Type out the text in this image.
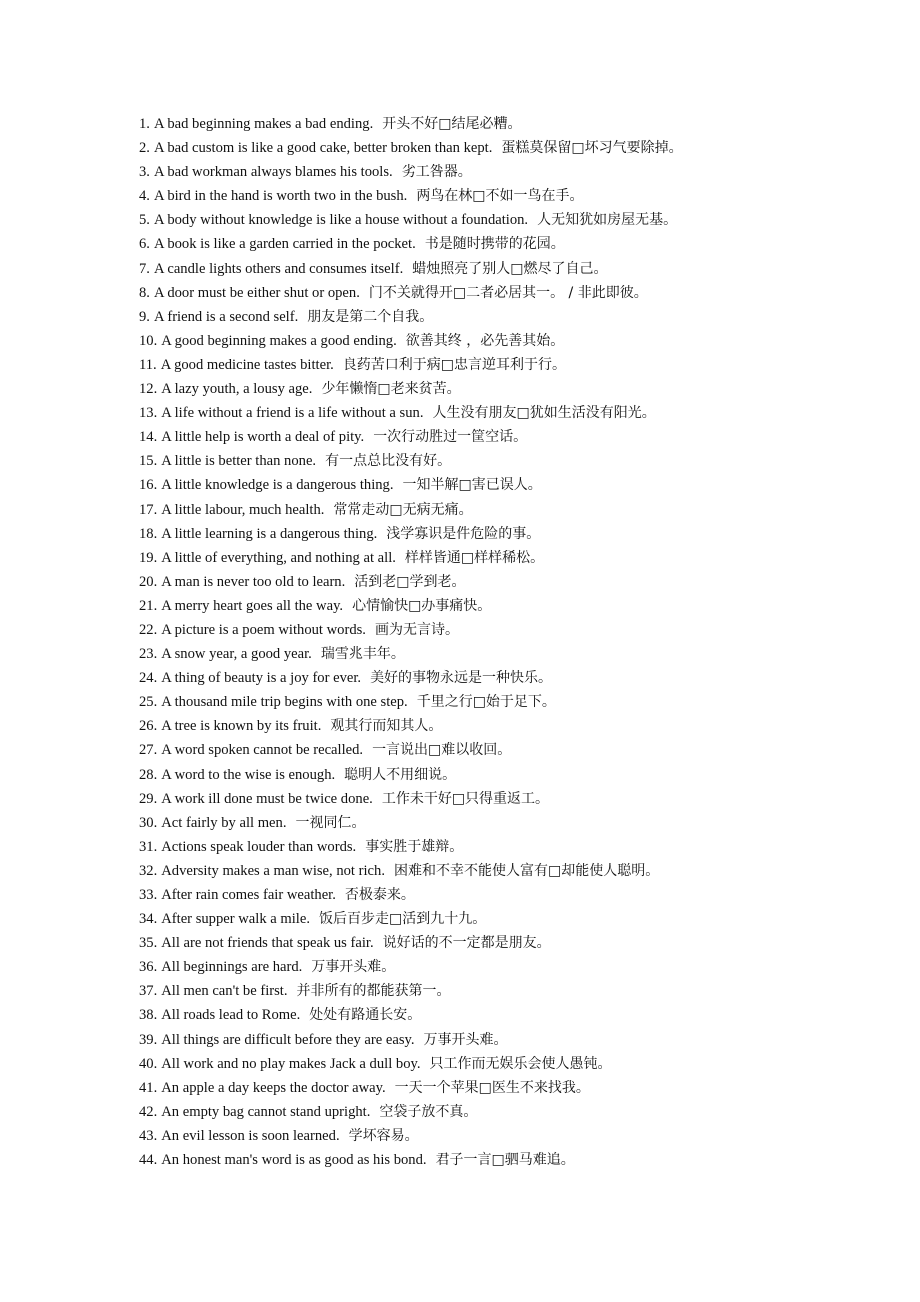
1. A bad beginning makes a bad ending. 开头不好□结尾必糟。
2. A bad custom is like a good cake, better broken than kept. 蛋糕莫保留□坏习气要除掉。
3. A bad workman always blames his tools. 劣工咎器。
4. A bird in the hand is worth two in the bush. 两鸟在林□不如一鸟在手。
5. A body without knowledge is like a house without a foundation. 人无知犹如房屋无基。
6. A book is like a garden carried in the pocket. 书是随时携带的花园。
7. A candle lights others and consumes itself. 蜡烛照亮了别人□燃尽了自己。
8. A door must be either shut or open. 门不关就得开□二者必居其一。 / 非此即彼。
9. A friend is a second self. 朋友是第二个自我。
10. A good beginning makes a good ending. 欲善其终 ，必先善其始。
11. A good medicine tastes bitter. 良药苦口利于病□忠言逆耳利于行。
12. A lazy youth, a lousy age. 少年懒惰□老来贫苦。
13. A life without a friend is a life without a sun. 人生没有朋友□犹如生活没有阳光。
14. A little help is worth a deal of pity. 一次行动胜过一筐空话。
15. A little is better than none. 有一点总比没有好。
16. A little knowledge is a dangerous thing. 一知半解□害已误人。
17. A little labour, much health. 常常走动□无病无痛。
18. A little learning is a dangerous thing. 浅学寡识是件危险的事。
19. A little of everything, and nothing at all. 样样皆通□样样稀松。
20. A man is never too old to learn. 活到老□学到老。
21. A merry heart goes all the way. 心情愉快□办事痛快。
22. A picture is a poem without words. 画为无言诗。
23. A snow year, a good year. 瑞雪兆丰年。
24. A thing of beauty is a joy for ever. 美好的事物永远是一种快乐。
25. A thousand mile trip begins with one step. 千里之行□始于足下。
26. A tree is known by its fruit. 观其行而知其人。
27. A word spoken cannot be recalled. 一言说出□难以收回。
28. A word to the wise is enough. 聪明人不用细说。
29. A work ill done must be twice done. 工作未干好□只得重返工。
30. Act fairly by all men. 一视同仁。
31. Actions speak louder than words. 事实胜于雄辩。
32. Adversity makes a man wise, not rich. 困难和不幸不能使人富有□却能使人聪明。
33. After rain comes fair weather. 否极泰来。
34. After supper walk a mile. 饭后百步走□活到九十九。
35. All are not friends that speak us fair. 说好话的不一定都是朋友。
36. All beginnings are hard. 万事开头难。
37. All men can't be first. 并非所有的都能获第一。
38. All roads lead to Rome. 处处有路通长安。
39. All things are difficult before they are easy. 万事开头难。
40. All work and no play makes Jack a dull boy. 只工作而无娱乐会使人愚钝。
41. An apple a day keeps the doctor away. 一天一个苹果□医生不来找我。
42. An empty bag cannot stand upright. 空袋子放不真。
43. An evil lesson is soon learned. 学坏容易。
44. An honest man's word is as good as his bond. 君子一言□驷马难追。
